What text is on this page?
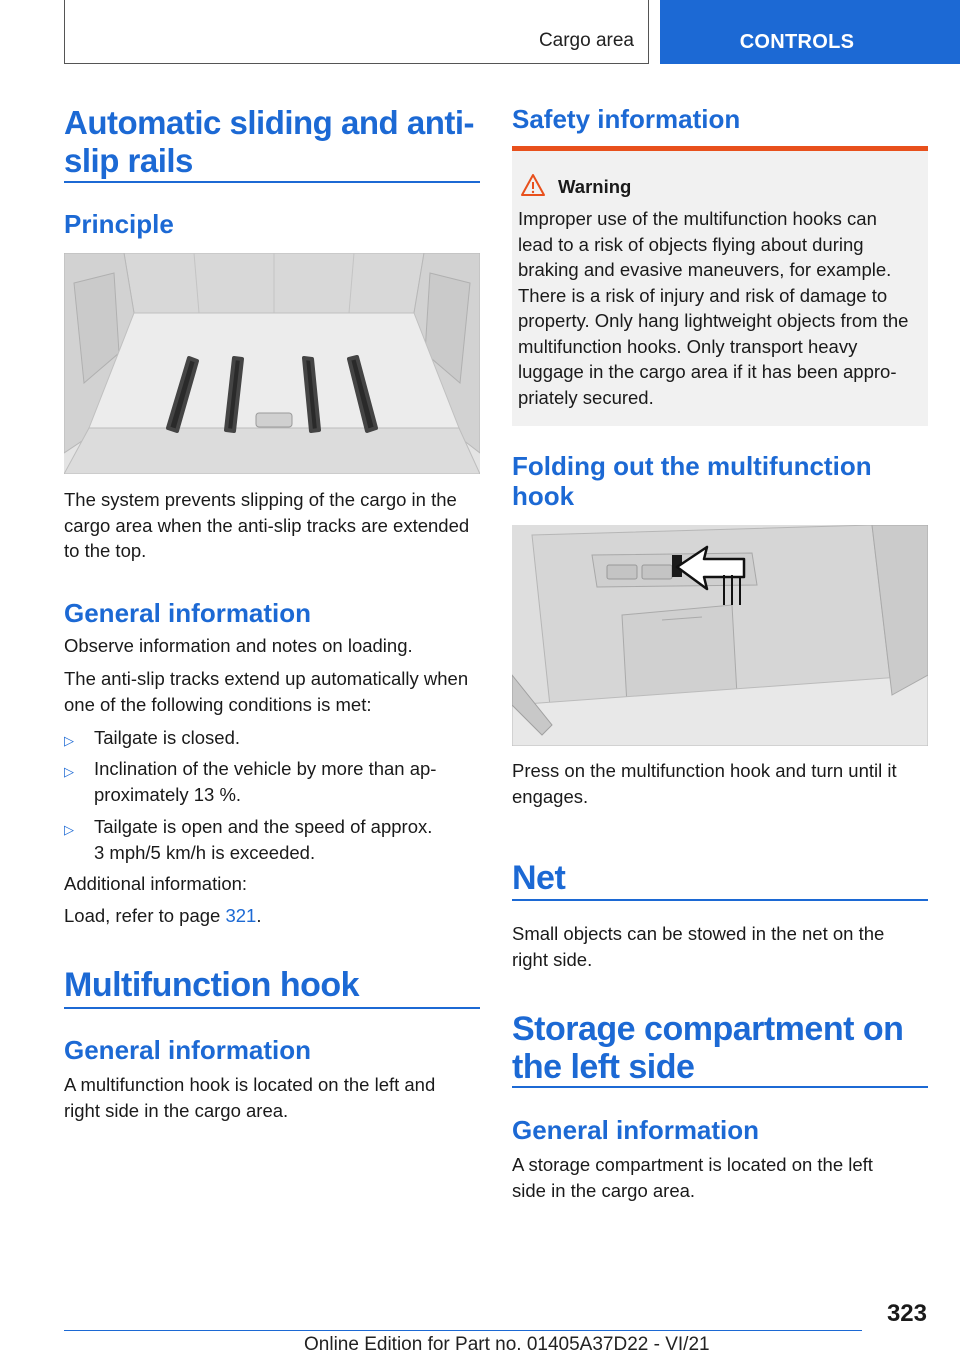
Cargo area	CONTROLS
Automatic sliding and anti‐
slip rails
Principle
The system prevents slipping of the cargo in the cargo area when the anti-slip tracks are extended to the top.
General information
Observe information and notes on loading.
The anti-slip tracks extend up automatically when one of the following conditions is met:
▷ Tailgate is closed.
▷ Inclination of the vehicle by more than ap‐
proximately 13 %.
▷ Tailgate is open and the speed of approx.
3 mph/5 km/h is exceeded.
Additional information:
Load, refer to page 321.
Multifunction hook
General information
A multifunction hook is located on the left and right side in the cargo area.
Safety information
Warning
Improper use of the multifunction hooks can lead to a risk of objects flying about during braking and evasive maneuvers, for example. There is a risk of injury and risk of damage to property. Only hang lightweight objects from the multifunction hooks. Only transport heavy luggage in the cargo area if it has been appro‐ priately secured.
Folding out the multifunction
hook
Press on the multifunction hook and turn until it engages.
Net
Small objects can be stowed in the net on the right side.
Storage compartment on
the left side
General information
A storage compartment is located on the left side in the cargo area.
323
Online Edition for Part no. 01405A37D22 - VI/21
